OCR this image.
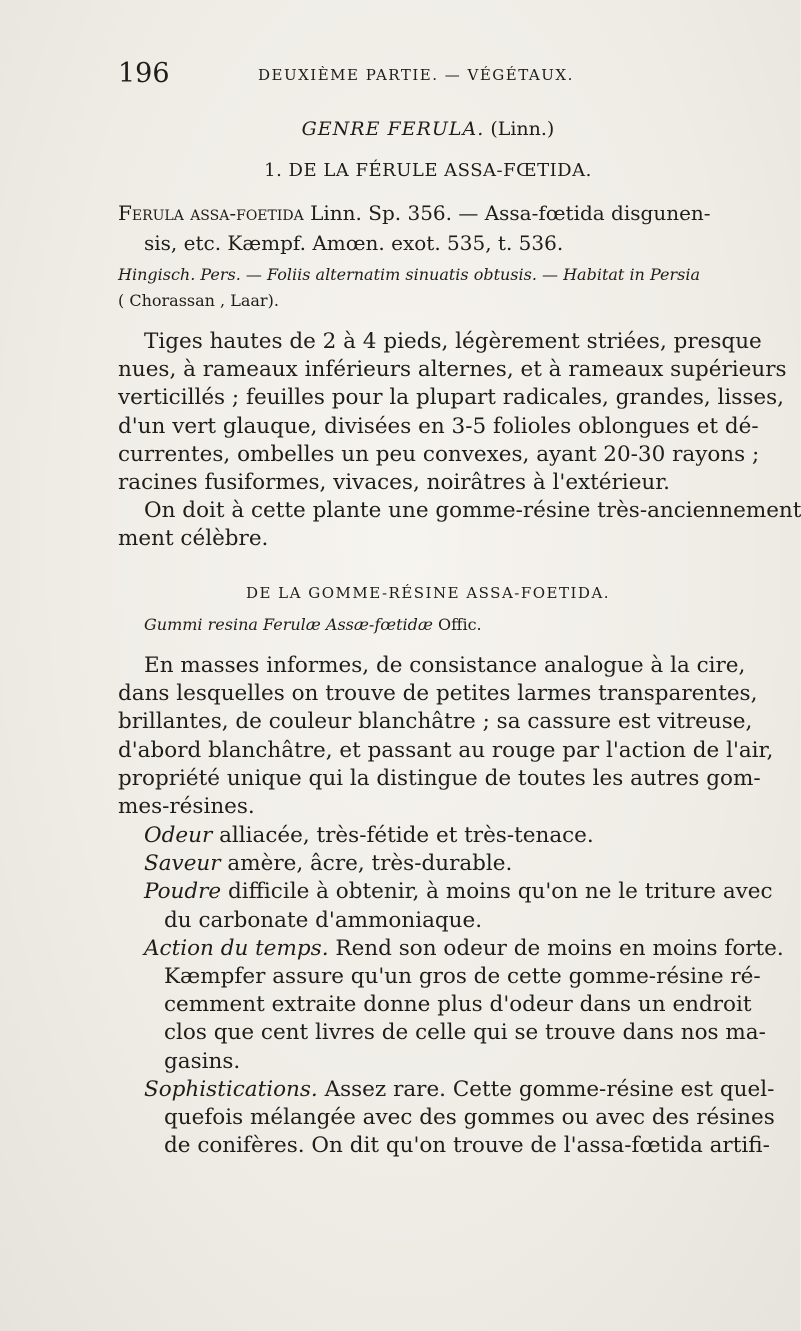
196	DEUXIÈME PARTIE. — VÉGÉTAUX.
GENRE FERULA. (Linn.)
1. DE LA FÉRULE ASSA-FŒTIDA.
Ferula assa-foetida Linn. Sp. 356. — Assa-fœtida disgunen-
sis, etc. Kæmpf. Amœn. exot. 535, t. 536.
Hingisch. Pers. — Foliis alternatim sinuatis obtusis. — Habitat in Persia
( Chorassan , Laar).
Tiges hautes de 2 à 4 pieds, légèrement striées, presque
nues, à rameaux inférieurs alternes, et à rameaux supérieurs
verticillés ; feuilles pour la plupart radicales, grandes, lisses,
d'un vert glauque, divisées en 3-5 folioles oblongues et dé-
currentes, ombelles un peu convexes, ayant 20-30 rayons ;
racines fusiformes, vivaces, noirâtres à l'extérieur.
On doit à cette plante une gomme-résine très-anciennement
ment célèbre.
DE LA GOMME-RÉSINE ASSA-FOETIDA.
Gummi resina Ferulæ Assæ-fœtidæ Offic.
En masses informes, de consistance analogue à la cire,
dans lesquelles on trouve de petites larmes transparentes,
brillantes, de couleur blanchâtre ; sa cassure est vitreuse,
d'abord blanchâtre, et passant au rouge par l'action de l'air,
propriété unique qui la distingue de toutes les autres gom-
mes-résines.
Odeur alliacée, très-fétide et très-tenace.
Saveur amère, âcre, très-durable.
Poudre difficile à obtenir, à moins qu'on ne le triture avec
du carbonate d'ammoniaque.
Action du temps. Rend son odeur de moins en moins forte.
Kæmpfer assure qu'un gros de cette gomme-résine ré-
cemment extraite donne plus d'odeur dans un endroit
clos que cent livres de celle qui se trouve dans nos ma-
gasins.
Sophistications. Assez rare. Cette gomme-résine est quel-
quefois mélangée avec des gommes ou avec des résines
de conifères. On dit qu'on trouve de l'assa-fœtida artifi-
